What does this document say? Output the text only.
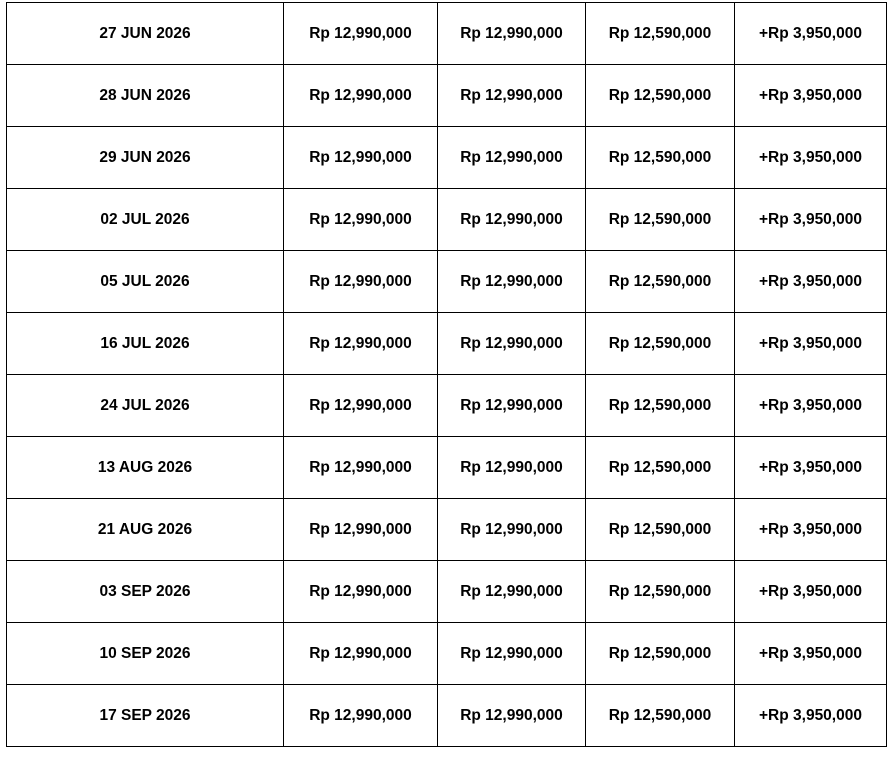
27 JUN 2026	Rp 12,990,000	Rp 12,990,000	Rp 12,590,000	+Rp 3,950,000
28 JUN 2026	Rp 12,990,000	Rp 12,990,000	Rp 12,590,000	+Rp 3,950,000
29 JUN 2026	Rp 12,990,000	Rp 12,990,000	Rp 12,590,000	+Rp 3,950,000
02 JUL 2026	Rp 12,990,000	Rp 12,990,000	Rp 12,590,000	+Rp 3,950,000
05 JUL 2026	Rp 12,990,000	Rp 12,990,000	Rp 12,590,000	+Rp 3,950,000
16 JUL 2026	Rp 12,990,000	Rp 12,990,000	Rp 12,590,000	+Rp 3,950,000
24 JUL 2026	Rp 12,990,000	Rp 12,990,000	Rp 12,590,000	+Rp 3,950,000
13 AUG 2026	Rp 12,990,000	Rp 12,990,000	Rp 12,590,000	+Rp 3,950,000
21 AUG 2026	Rp 12,990,000	Rp 12,990,000	Rp 12,590,000	+Rp 3,950,000
03 SEP 2026	Rp 12,990,000	Rp 12,990,000	Rp 12,590,000	+Rp 3,950,000
10 SEP 2026	Rp 12,990,000	Rp 12,990,000	Rp 12,590,000	+Rp 3,950,000
17 SEP 2026	Rp 12,990,000	Rp 12,990,000	Rp 12,590,000	+Rp 3,950,000
